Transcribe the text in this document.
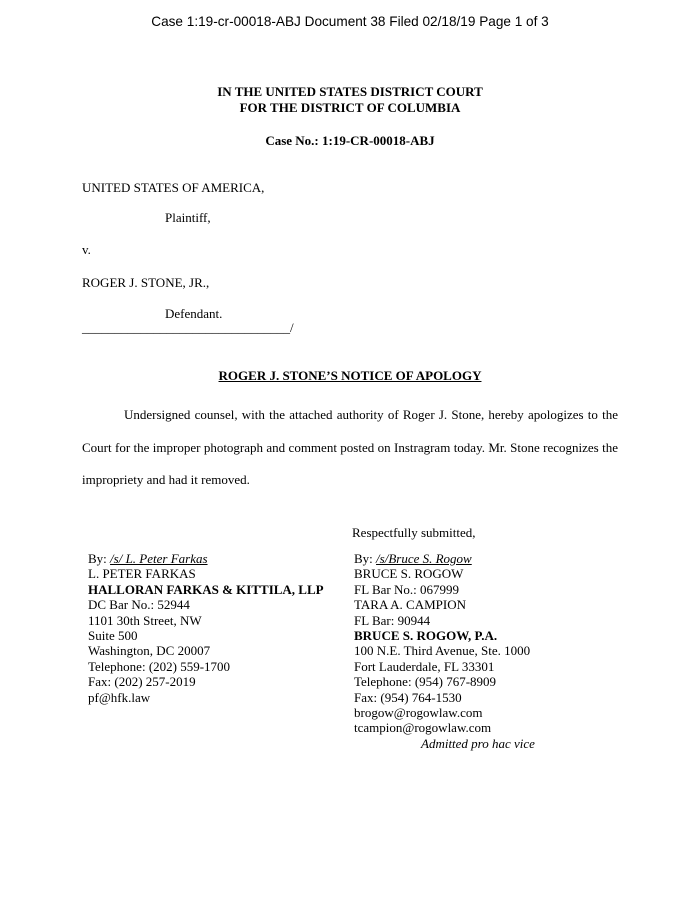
Case 1:19-cr-00018-ABJ Document 38 Filed 02/18/19 Page 1 of 3
IN THE UNITED STATES DISTRICT COURT
FOR THE DISTRICT OF COLUMBIA
Case No.: 1:19-CR-00018-ABJ
UNITED STATES OF AMERICA,
Plaintiff,
v.
ROGER J. STONE, JR.,
Defendant.
________________________________/
ROGER J. STONE’S NOTICE OF APOLOGY
Undersigned counsel, with the attached authority of Roger J. Stone, hereby apologizes to the Court for the improper photograph and comment posted on Instragram today. Mr. Stone recognizes the impropriety and had it removed.
Respectfully submitted,
By: /s/ L. Peter Farkas
L. PETER FARKAS
HALLORAN FARKAS & KITTILA, LLP
DC Bar No.: 52944
1101 30th Street, NW
Suite 500
Washington, DC 20007
Telephone: (202) 559-1700
Fax: (202) 257-2019
pf@hfk.law
By: /s/Bruce S. Rogow
BRUCE S. ROGOW
FL Bar No.: 067999
TARA A. CAMPION
FL Bar: 90944
BRUCE S. ROGOW, P.A.
100 N.E. Third Avenue, Ste. 1000
Fort Lauderdale, FL 33301
Telephone: (954) 767-8909
Fax: (954) 764-1530
brogow@rogowlaw.com
tcampion@rogowlaw.com
Admitted pro hac vice
